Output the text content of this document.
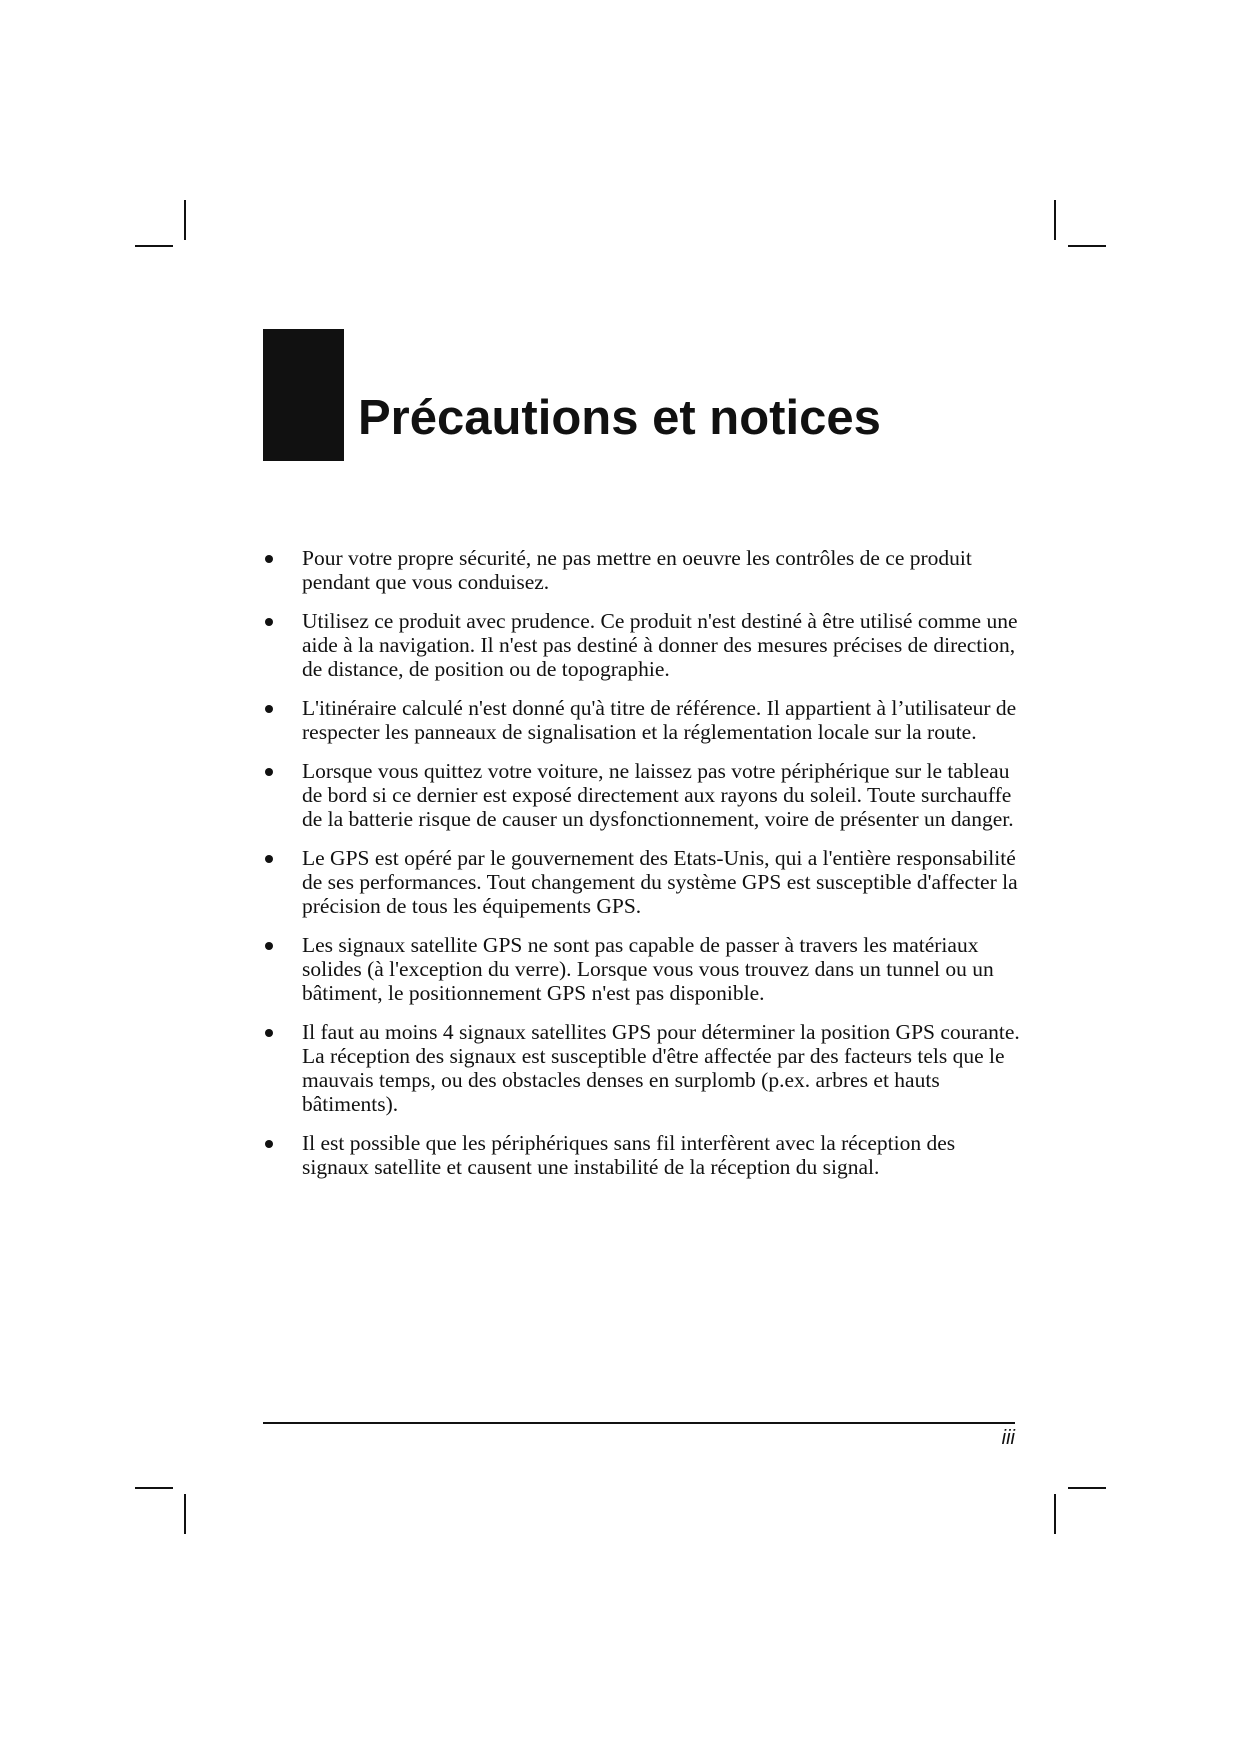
Précautions et notices
Pour votre propre sécurité, ne pas mettre en oeuvre les contrôles de ce produit pendant que vous conduisez.
Utilisez ce produit avec prudence. Ce produit n'est destiné à être utilisé comme une aide à la navigation. Il n'est pas destiné à donner des mesures précises de direction, de distance, de position ou de topographie.
L'itinéraire calculé n'est donné qu'à titre de référence. Il appartient à l’utilisateur de respecter les panneaux de signalisation et la réglementation locale sur la route.
Lorsque vous quittez votre voiture, ne laissez pas votre périphérique sur le tableau de bord si ce dernier est exposé directement aux rayons du soleil. Toute surchauffe de la batterie risque de causer un dysfonctionnement, voire de présenter un danger.
Le GPS est opéré par le gouvernement des Etats-Unis, qui a l'entière responsabilité de ses performances. Tout changement du système GPS est susceptible d'affecter la précision de tous les équipements GPS.
Les signaux satellite GPS ne sont pas capable de passer à travers les matériaux solides (à l'exception du verre). Lorsque vous vous trouvez dans un tunnel ou un bâtiment, le positionnement GPS n'est pas disponible.
Il faut au moins 4 signaux satellites GPS pour déterminer la position GPS courante. La réception des signaux est susceptible d'être affectée par des facteurs tels que le mauvais temps, ou des obstacles denses en surplomb (p.ex. arbres et hauts bâtiments).
Il est possible que les périphériques sans fil interfèrent avec la réception des signaux satellite et causent une instabilité de la réception du signal.
iii
